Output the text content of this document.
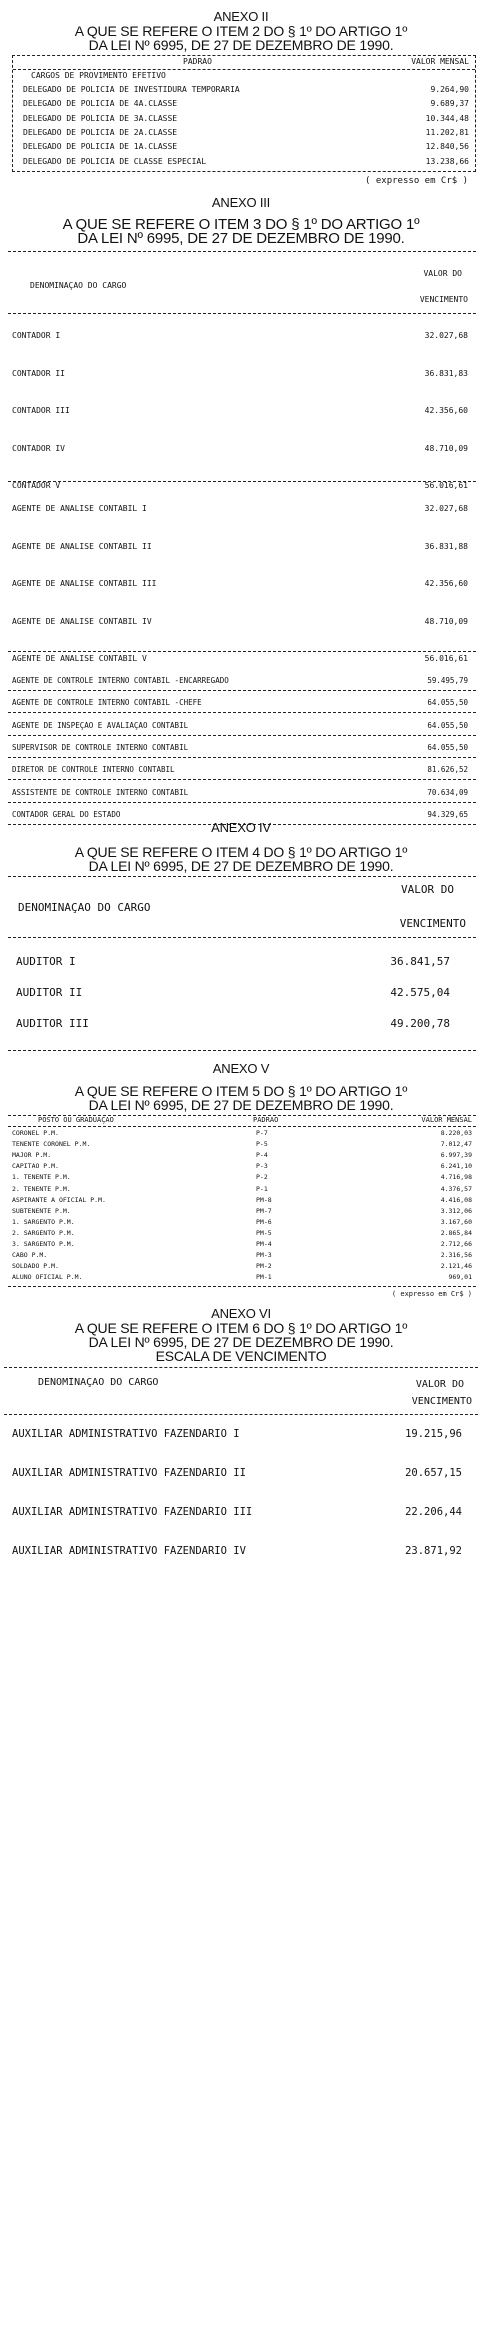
ANEXO II
A QUE SE REFERE O ITEM 2 DO § 1º DO ARTIGO 1º
DA LEI Nº 6995, DE 27 DE DEZEMBRO DE 1990.
PADRAO	VALOR MENSAL
CARGOS DE PROVIMENTO EFETIVO
DELEGADO DE POLICIA DE INVESTIDURA TEMPORARIA	9.264,90
DELEGADO DE POLICIA DE 4A.CLASSE	9.689,37
DELEGADO DE POLICIA DE 3A.CLASSE	10.344,48
DELEGADO DE POLICIA DE 2A.CLASSE	11.202,81
DELEGADO DE POLICIA DE 1A.CLASSE	12.840,56
DELEGADO DE POLICIA DE CLASSE ESPECIAL	13.238,66
( expresso em Cr$ )
ANEXO III
A QUE SE REFERE O ITEM 3 DO § 1º DO ARTIGO 1º
DA LEI Nº 6995, DE 27 DE DEZEMBRO DE 1990.
DENOMINAÇAO DO CARGO
VALOR DO
VENCIMENTO
CONTADOR I	32.027,68
CONTADOR II	36.831,83
CONTADOR III	42.356,60
CONTADOR IV	48.710,09
CONTADOR V	56.016,61
AGENTE DE ANALISE CONTABIL I	32.027,68
AGENTE DE ANALISE CONTABIL II	36.831,88
AGENTE DE ANALISE CONTABIL III	42.356,60
AGENTE DE ANALISE CONTABIL IV	48.710,09
AGENTE DE ANALISE CONTABIL V	56.016,61
AGENTE DE CONTROLE INTERNO CONTABIL -ENCARREGADO	59.495,79
AGENTE DE CONTROLE INTERNO CONTABIL -CHEFE	64.055,50
AGENTE DE INSPEÇAO E AVALIAÇAO CONTABIL	64.055,50
SUPERVISOR DE CONTROLE INTERNO CONTABIL	64.055,50
DIRETOR DE CONTROLE INTERNO CONTABIL	81.626,52
ASSISTENTE DE CONTROLE INTERNO CONTABIL	70.634,09
CONTADOR GERAL DO ESTADO	94.329,65
ANEXO IV
A QUE SE REFERE O ITEM 4 DO § 1º DO ARTIGO 1º
DA LEI Nº 6995, DE 27 DE DEZEMBRO DE 1990.
DENOMINAÇAO DO CARGO
VALOR DO
VENCIMENTO
AUDITOR I	36.841,57
AUDITOR II	42.575,04
AUDITOR III	49.200,78
ANEXO V
A QUE SE REFERE O ITEM 5 DO § 1º DO ARTIGO 1º
DA LEI Nº 6995, DE 27 DE DEZEMBRO DE 1990.
POSTO OU GRADUAÇAO	PADRAO	VALOR MENSAL
CORONEL P.M.	P-7	8.220,03
TENENTE CORONEL P.M.	P-5	7.012,47
MAJOR P.M.	P-4	6.997,39
CAPITAO P.M.	P-3	6.241,10
1. TENENTE P.M.	P-2	4.716,98
2. TENENTE P.M.	P-1	4.376,57
ASPIRANTE A OFICIAL P.M.	PM-8	4.416,08
SUBTENENTE P.M.	PM-7	3.312,06
1. SARGENTO P.M.	PM-6	3.167,60
2. SARGENTO P.M.	PM-5	2.865,84
3. SARGENTO P.M.	PM-4	2.712,66
CABO P.M.	PM-3	2.316,56
SOLDADO P.M.	PM-2	2.121,46
ALUNO OFICIAL P.M.	PM-1	969,01
( expresso em Cr$ )
ANEXO VI
A QUE SE REFERE O ITEM 6 DO § 1º DO ARTIGO 1º
DA LEI Nº 6995, DE 27 DE DEZEMBRO DE 1990.
ESCALA DE VENCIMENTO
DENOMINAÇAO DO CARGO	VALOR DO
VENCIMENTO
AUXILIAR ADMINISTRATIVO FAZENDARIO I	19.215,96
AUXILIAR ADMINISTRATIVO FAZENDARIO II	20.657,15
AUXILIAR ADMINISTRATIVO FAZENDARIO III	22.206,44
AUXILIAR ADMINISTRATIVO FAZENDARIO IV	23.871,92
